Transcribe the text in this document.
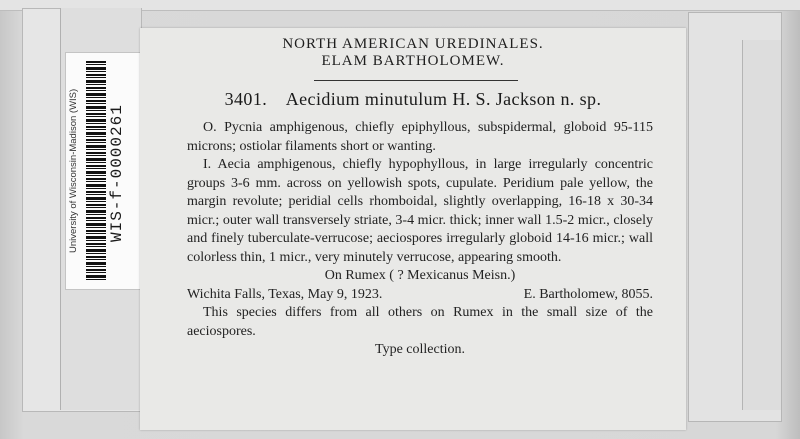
University of Wisconsin-Madison (WIS)	WIS-f-0000261
NORTH AMERICAN UREDINALES.
ELAM BARTHOLOMEW.
3401. Aecidium minutulum H. S. Jackson n. sp.

O. Pycnia amphigenous, chiefly epiphyllous, subspidermal, globoid 95-115 microns; ostiolar filaments short or wanting.

I. Aecia amphigenous, chiefly hypophyllous, in large irregularly concentric groups 3-6 mm. across on yellowish spots, cupulate. Peridium pale yellow, the margin revolute; peridial cells rhomboidal, slightly overlapping, 16-18 x 30-34 micr.; outer wall transversely striate, 3-4 micr. thick; inner wall 1.5-2 micr., closely and finely tuberculate-verrucose; aeciospores irregularly globoid 14-16 micr.; wall colorless thin, 1 micr., very minutely verrucose, appearing smooth.

On Rumex ( ? Mexicanus Meisn.)

Wichita Falls, Texas, May 9, 1923.	E. Bartholomew, 8055.

This species differs from all others on Rumex in the small size of the aeciospores.

Type collection.
